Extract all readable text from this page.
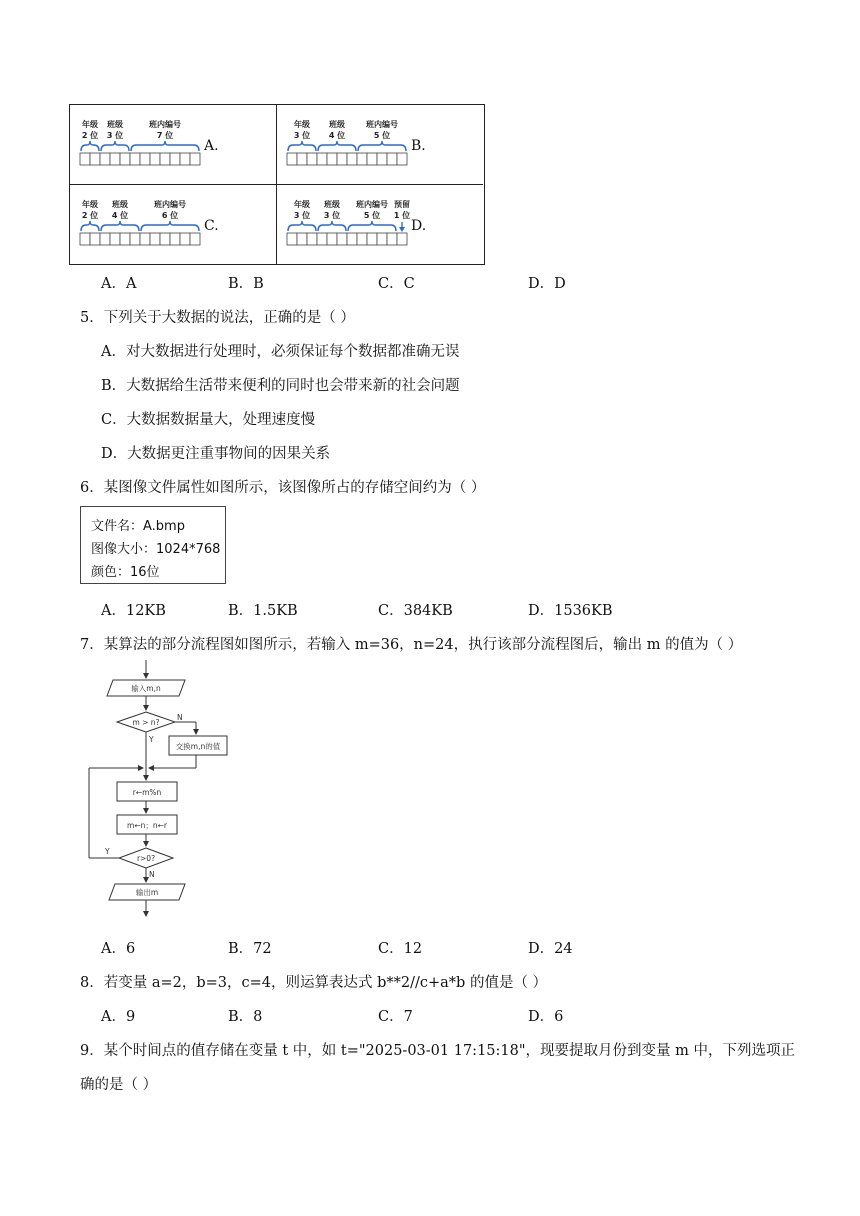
年级
2 位
班级
3 位
班内编号
7 位
A.
年级
3 位
班级
4 位
班内编号
5 位
B.
年级
2 位
班级
4 位
班内编号
6 位
C.
年级
3 位
班级
3 位
班内编号
5 位
预留
1 位
D.
A．A	B．B	C．C	D．D
5．下列关于大数据的说法，正确的是（ ）
A．对大数据进行处理时，必须保证每个数据都准确无误
B．大数据给生活带来便利的同时也会带来新的社会问题
C．大数据数据量大，处理速度慢
D．大数据更注重事物间的因果关系
6．某图像文件属性如图所示，该图像所占的存储空间约为（ ）
文件名：A.bmp
图像大小：1024*768
颜色：16位
A．12KB	B．1.5KB	C．384KB	D．1536KB
7．某算法的部分流程图如图所示，若输入 m=36，n=24，执行该部分流程图后，输出 m 的值为（ ）
输入m,n
m > n?
N
交换m,n的值
Y
r←m%n
m←n；n←r
r>0?
Y
N
输出m
A．6	B．72	C．12	D．24
8．若变量 a=2，b=3，c=4，则运算表达式 b**2//c+a*b 的值是（ ）
A．9	B．8	C．7	D．6
9．某个时间点的值存储在变量 t 中，如 t="2025-03-01 17:15:18"，现要提取月份到变量 m 中，下列选项正
确的是（ ）
